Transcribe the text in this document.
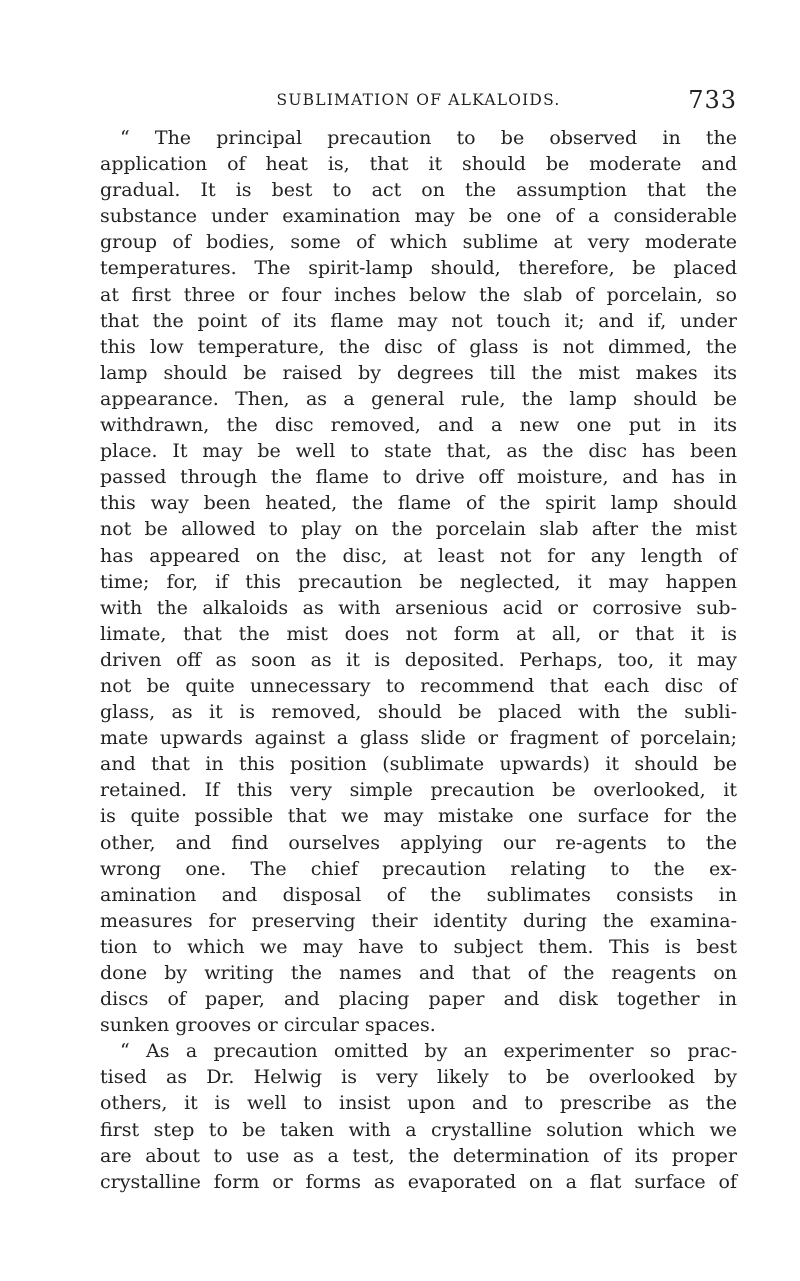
SUBLIMATION OF ALKALOIDS.	733
“ The principal precaution to be observed in the
application of heat is, that it should be moderate and
gradual. It is best to act on the assumption that the
substance under examination may be one of a considerable
group of bodies, some of which sublime at very moderate
temperatures. The spirit-lamp should, therefore, be placed
at first three or four inches below the slab of porcelain, so
that the point of its flame may not touch it; and if, under
this low temperature, the disc of glass is not dimmed, the
lamp should be raised by degrees till the mist makes its
appearance. Then, as a general rule, the lamp should be
withdrawn, the disc removed, and a new one put in its
place. It may be well to state that, as the disc has been
passed through the flame to drive off moisture, and has in
this way been heated, the flame of the spirit lamp should
not be allowed to play on the porcelain slab after the mist
has appeared on the disc, at least not for any length of
time; for, if this precaution be neglected, it may happen
with the alkaloids as with arsenious acid or corrosive sub-
limate, that the mist does not form at all, or that it is
driven off as soon as it is deposited. Perhaps, too, it may
not be quite unnecessary to recommend that each disc of
glass, as it is removed, should be placed with the subli-
mate upwards against a glass slide or fragment of porcelain;
and that in this position (sublimate upwards) it should be
retained. If this very simple precaution be overlooked, it
is quite possible that we may mistake one surface for the
other, and find ourselves applying our re-agents to the
wrong one. The chief precaution relating to the ex-
amination and disposal of the sublimates consists in
measures for preserving their identity during the examina-
tion to which we may have to subject them. This is best
done by writing the names and that of the reagents on
discs of paper, and placing paper and disk together in
sunken grooves or circular spaces.
“ As a precaution omitted by an experimenter so prac-
tised as Dr. Helwig is very likely to be overlooked by
others, it is well to insist upon and to prescribe as the
first step to be taken with a crystalline solution which we
are about to use as a test, the determination of its proper
crystalline form or forms as evaporated on a flat surface of
